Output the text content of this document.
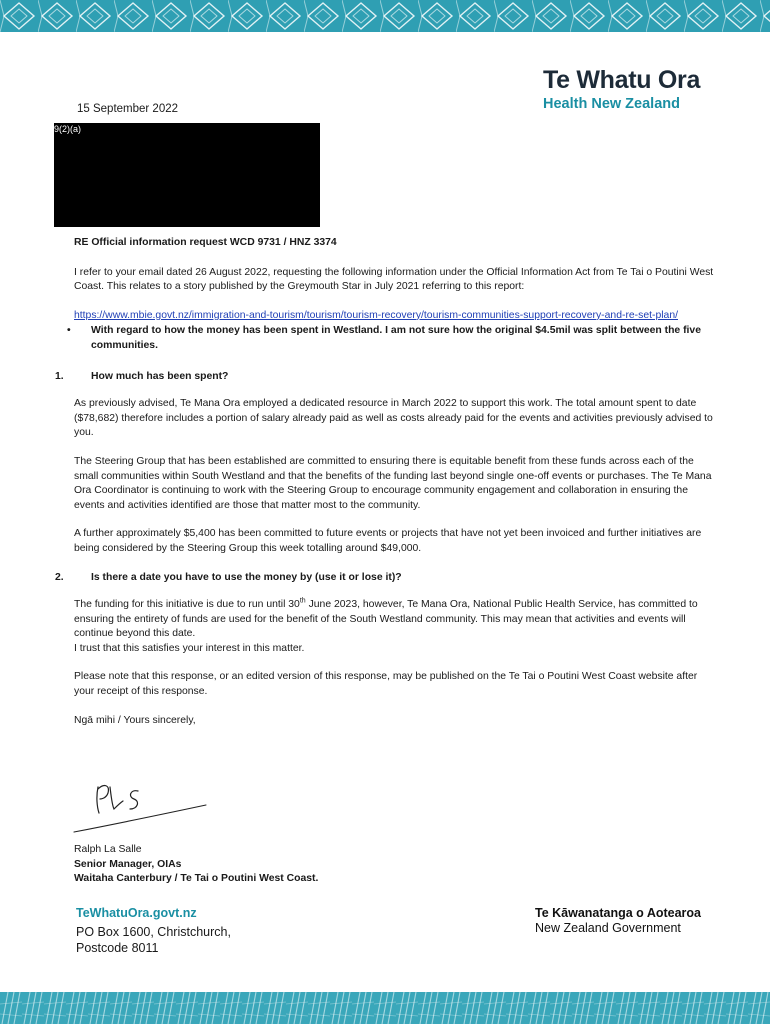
Te Whatu Ora
Health New Zealand
15 September 2022
9(2)(a)

RE Official information request WCD 9731 / HNZ 3374

I refer to your email dated 26 August 2022, requesting the following information under the Official Information Act from Te Tai o Poutini West Coast. This relates to a story published by the Greymouth Star in July 2021 referring to this report:

https://www.mbie.govt.nz/immigration-and-tourism/tourism/tourism-recovery/tourism-communities-support-recovery-and-re-set-plan/
• With regard to how the money has been spent in Westland. I am not sure how the original $4.5mil was split between the five communities.
1.	How much has been spent?

As previously advised, Te Mana Ora employed a dedicated resource in March 2022 to support this work. The total amount spent to date ($78,682) therefore includes a portion of salary already paid as well as costs already paid for the events and activities previously advised to you.

The Steering Group that has been established are committed to ensuring there is equitable benefit from these funds across each of the small communities within South Westland and that the benefits of the funding last beyond single one-off events or purchases. The Te Mana Ora Coordinator is continuing to work with the Steering Group to encourage community engagement and collaboration in ensuring the events and activities identified are those that matter most to the community.

A further approximately $5,400 has been committed to future events or projects that have not yet been invoiced and further initiatives are being considered by the Steering Group this week totalling around $49,000.

2.	Is there a date you have to use the money by (use it or lose it)?

The funding for this initiative is due to run until 30th June 2023, however, Te Mana Ora, National Public Health Service, has committed to ensuring the entirety of funds are used for the benefit of the South Westland community. This may mean that activities and events will continue beyond this date.

I trust that this satisfies your interest in this matter.

Please note that this response, or an edited version of this response, may be published on the Te Tai o Poutini West Coast website after your receipt of this response.

Ngā mihi / Yours sincerely,

Ralph La Salle
Senior Manager, OIAs
Waitaha Canterbury / Te Tai o Poutini West Coast.
TeWhatuOra.govt.nz
PO Box 1600, Christchurch,
Postcode 8011
Te Kāwanatanga o Aotearoa
New Zealand Government
